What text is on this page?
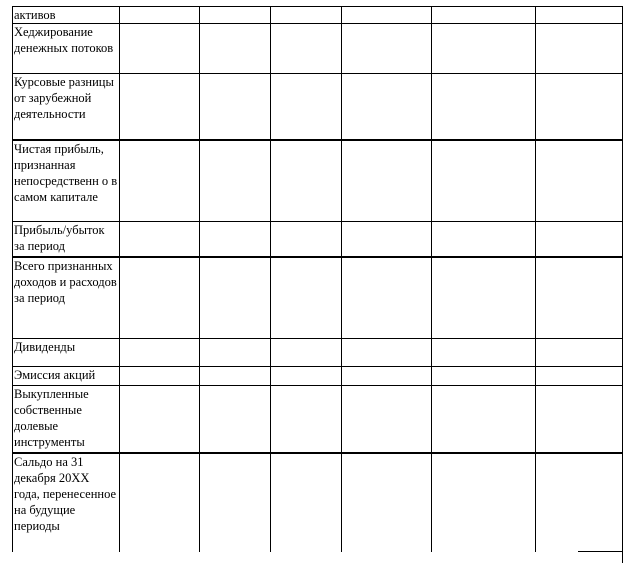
активов						
Хеджирование денежных потоков						
Курсовые разницы от зарубежной деятельности						
Чистая прибыль, признанная непосредственн о в самом капитале						
Прибыль/убыток за период						
Всего признанных доходов и расходов за период						
Дивиденды						
Эмиссия акций						
Выкупленные собственные долевые инструменты						
Сальдо на 31 декабря 20ХХ года, перенесенное на будущие периоды						
